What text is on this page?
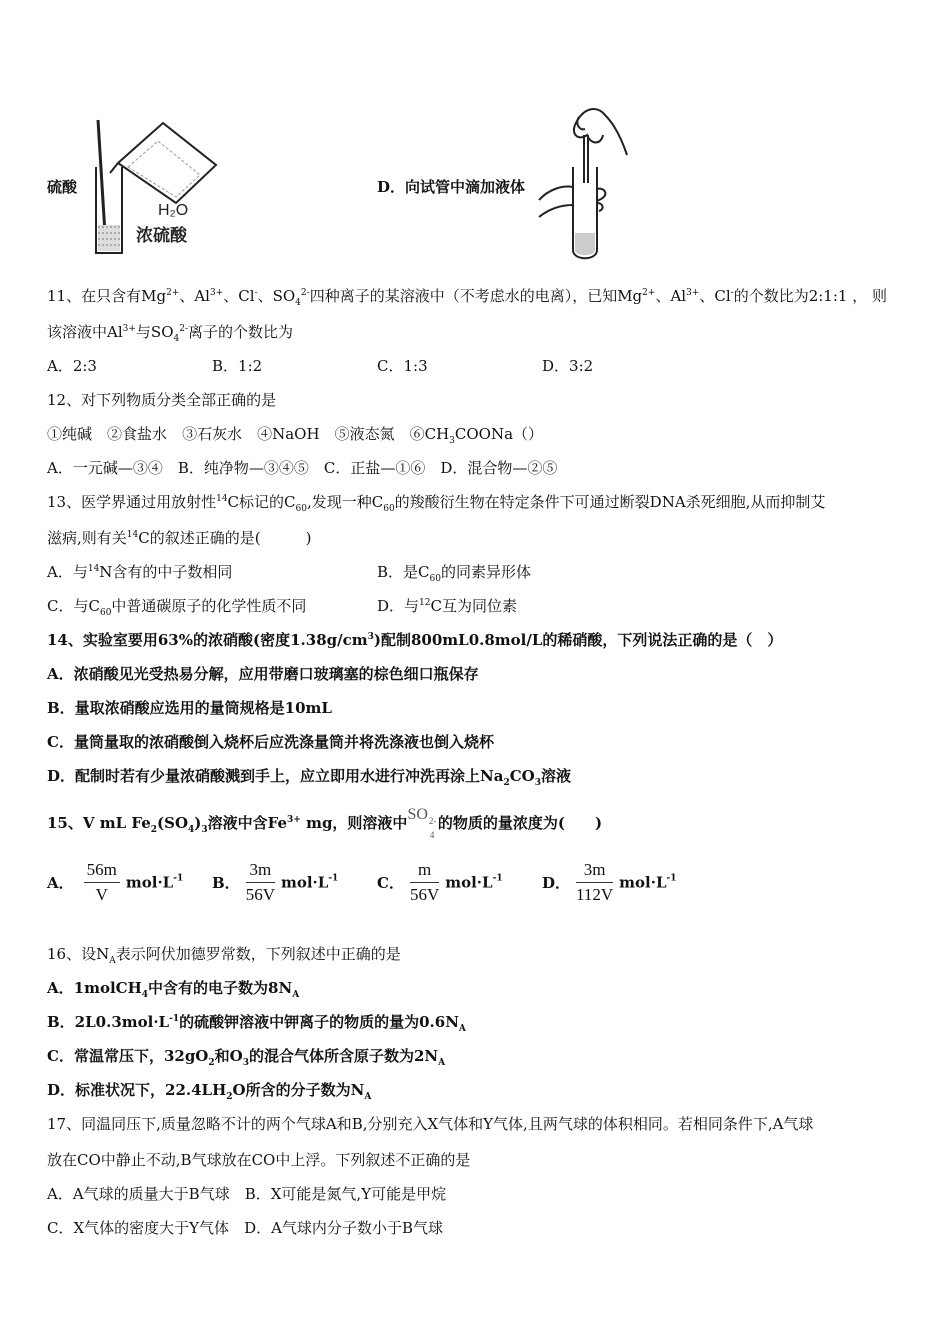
H₂O
浓硫酸
硫酸	D．向试管中滴加液体
11、在只含有$Mg^{2+}$、$Al^{3+}$、Cl-、$SO_4^{2-}$四种离子的某溶液中（不考虑水的电离），已知$Mg^{2+}$、$Al^{3+}$、Cl-的个数比为2:1:1 ， 则
该溶液中$Al^{3+}$与$SO_4^{2-}$离子的个数比为
A．2:3	B．1:2	C．1:3	D．3:2
12、对下列物质分类全部正确的是
①纯碱　 ②食盐水　 ③石灰水　 ④NaOH　 ⑤液态氮　 $⑥CH_3COONa()$
A．一元碱—③④　 B．纯净物—③④⑤　 C．正盐—①⑥　 D．混合物—②⑤
13、医学界通过用放射性$^{14}$C标记的$C_{60}$,发现一种$C_{60}$的羧酸衍生物在特定条件下可通过断裂DNA杀死细胞,从而抑制艾
滋病,则有关$^{14}$C的叙述正确的是(　　　)
A．与$^{14}$N含有的中子数相同	B．是$C_{60}$的同素异形体
C．与$C_{60}$中普通碳原子的化学性质不同	D．与$^{12}$C互为同位素
14、实验室要用63%的浓硝酸(密度$1.38g/cm^3$)配制800mL0.8mol/L的稀硝酸，下列说法正确的是（　）
A．浓硝酸见光受热易分解，应用带磨口玻璃塞的棕色细口瓶保存
B．量取浓硝酸应选用的量筒规格是10mL
C．量筒量取的浓硝酸倒入烧杯后应洗涤量筒并将洗涤液也倒入烧杯
D．配制时若有少量浓硝酸溅到手上，应立即用水进行冲洗再涂上$Na_2CO_3$溶液
15、V mL $Fe_2(SO_4)_3$溶液中含$Fe^{3+}$ mg，则溶液中SO 2-
4
的物质的量浓度为(　　)
A． $\frac{56m}{V} mol\cdot L^{-1}$ B． $\frac{3m}{56V} mol\cdot L^{-1}$	C． $\frac{m}{56V} mol\cdot L^{-1}$	D． $\frac{3m}{112V} mol\cdot L^{-1}$
16、设$N_A$表示阿伏加德罗常数，下列叙述中正确的是
A．1molCH$_4$中含有的电子数为$8N_A$
B．$2L0.3mol\cdot L^{-1}$的硫酸钾溶液中钾离子的物质的量为$0.6N_A$
C．常温常压下，$32gO_2$和$O_3$的混合气体所含原子数为$2N_A$
D．标准状况下，$22.4LH_2O$所含的分子数为$N_A$
17、同温同压下,质量忽略不计的两个气球A和B,分别充入X气体和Y气体,且两气球的体积相同。若相同条件下,A气球
放在CO中静止不动,B气球放在CO中上浮。下列叙述不正确的是
A．A气球的质量大于B气球　 B．X可能是氮气,Y可能是甲烷
C．X气体的密度大于Y气体　 D．A气球内分子数小于B气球
